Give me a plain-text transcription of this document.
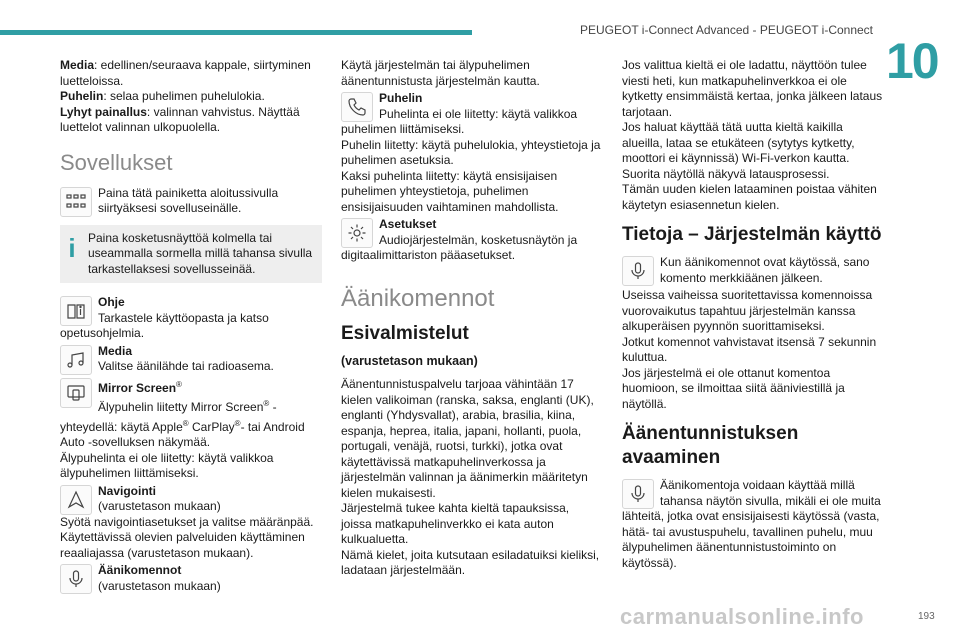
PEUGEOT i-Connect Advanced - PEUGEOT i-Connect
10

Media: edellinen/seuraava kappale, siirtyminen luetteloissa.

Puhelin: selaa puhelimen puhelulokia.

Lyhyt painallus: valinnan vahvistus. Näyttää luettelot valinnan ulkopuolella.

Sovellukset
Paina tätä painiketta aloitussivulla siirtyäksesi sovelluseinälle.
i Paina kosketusnäyttöä kolmella tai useammalla sormella millä tahansa sivulla tarkastellaksesi sovellusseinää.
Ohje
Tarkastele käyttöopasta ja katso opetusohjelmia.
Media
Valitse äänilähde tai radioasema.
Mirror Screen®
Älypuhelin liitetty Mirror Screen® -yhteydellä: käytä Apple® CarPlay®- tai Android Auto -sovelluksen näkymää.
Älypuhelinta ei ole liitetty: käytä valikkoa älypuhelimen liittämiseksi.
Navigointi
(varustetason mukaan)
Syötä navigointiasetukset ja valitse määränpää. Käytettävissä olevien palveluiden käyttäminen reaaliajassa (varustetason mukaan).
Äänikomennot
(varustetason mukaan)

Käytä järjestelmän tai älypuhelimen äänentunnistusta järjestelmän kautta.

Puhelin
Puhelinta ei ole liitetty: käytä valikkoa puhelimen liittämiseksi.
Puhelin liitetty: käytä puhelulokia, yhteystietoja ja puhelimen asetuksia.
Kaksi puhelinta liitetty: käytä ensisijaisen puhelimen yhteystietoja, puhelimen ensisijaisuuden vaihtaminen mahdollista.
Asetukset
Audiojärjestelmän, kosketusnäytön ja digitaalimittariston pääasetukset.
Äänikomennot
Esivalmistelut
(varustetason mukaan)

Äänentunnistuspalvelu tarjoaa vähintään 17 kielen valikoiman (ranska, saksa, englanti (UK), englanti (Yhdysvallat), arabia, brasilia, kiina, espanja, heprea, italia, japani, hollanti, puola, portugali, venäjä, ruotsi, turkki), jotka ovat käytettävissä matkapuhelinverkossa ja järjestelmän valinnan ja äänimerkin määritetyn kielen mukaisesti.

Järjestelmä tukee kahta kieltä tapauksissa, joissa matkapuhelinverkko ei kata auton kulkualuetta.

Nämä kielet, joita kutsutaan esiladatuiksi kieliksi, ladataan järjestelmään.

Jos valittua kieltä ei ole ladattu, näyttöön tulee viesti heti, kun matkapuhelinverkkoa ei ole kytketty ensimmäistä kertaa, jonka jälkeen lataus tarjotaan.

Jos haluat käyttää tätä uutta kieltä kaikilla alueilla, lataa se etukäteen (sytytys kytketty, moottori ei käynnissä) Wi-Fi-verkon kautta.

Suorita näytöllä näkyvä latausprosessi.

Tämän uuden kielen lataaminen poistaa vähiten käytetyn esiasennetun kielen.

Tietoja – Järjestelmän käyttö
Kun äänikomennot ovat käytössä, sano komento merkkiäänen jälkeen.

Useissa vaiheissa suoritettavissa komennoissa vuorovaikutus tapahtuu järjestelmän kanssa alkuperäisen pyynnön suorittamiseksi.

Jotkut komennot vahvistavat itsensä 7 sekunnin kuluttua.

Jos järjestelmä ei ole ottanut komentoa huomioon, se ilmoittaa siitä ääniviestillä ja näytöllä.

Äänentunnistuksen avaaminen
Äänikomentoja voidaan käyttää millä tahansa näytön sivulla, mikäli ei ole muita lähteitä, jotka ovat ensisijaisesti käytössä (vasta, hätä- tai avustuspuhelu, tavallinen puhelu, muu älypuhelimen äänentunnistustoiminto on käytössä).
carmanualsonline.info	193
